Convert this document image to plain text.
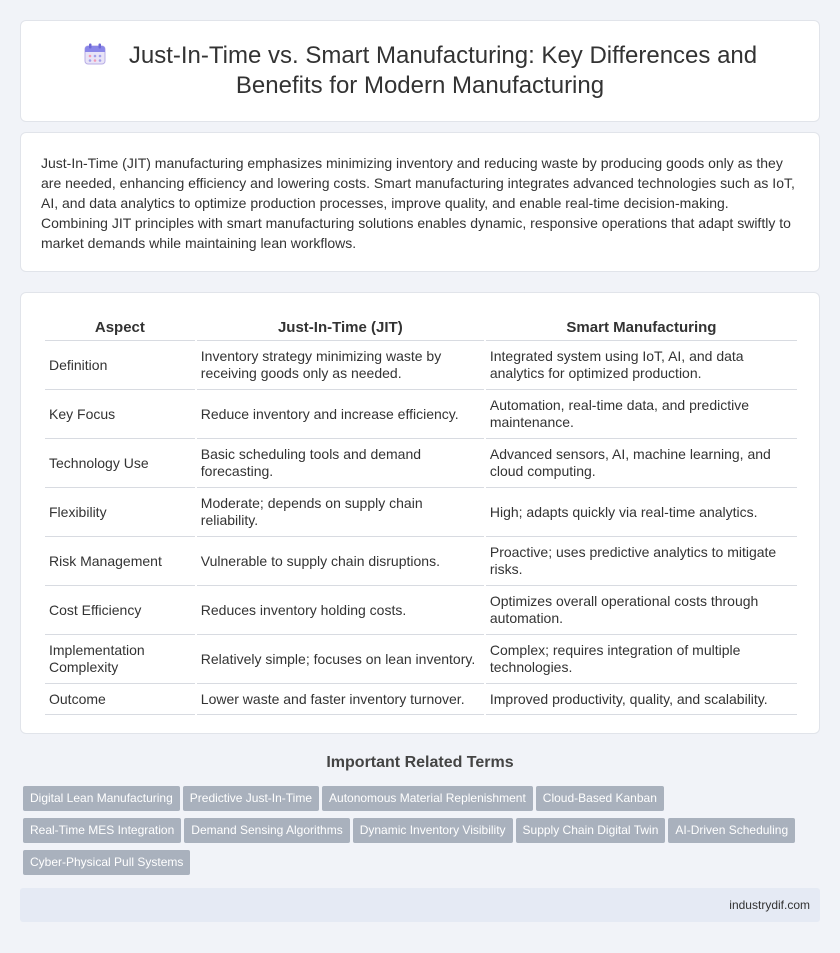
Just-In-Time vs. Smart Manufacturing: Key Differences and Benefits for Modern Manufacturing

Just-In-Time (JIT) manufacturing emphasizes minimizing inventory and reducing waste by producing goods only as they are needed, enhancing efficiency and lowering costs. Smart manufacturing integrates advanced technologies such as IoT, AI, and data analytics to optimize production processes, improve quality, and enable real-time decision-making. Combining JIT principles with smart manufacturing solutions enables dynamic, responsive operations that adapt swiftly to market demands while maintaining lean workflows.

Aspect	Just-In-Time (JIT)	Smart Manufacturing
Definition	Inventory strategy minimizing waste by receiving goods only as needed.	Integrated system using IoT, AI, and data analytics for optimized production.
Key Focus	Reduce inventory and increase efficiency.	Automation, real-time data, and predictive maintenance.
Technology Use	Basic scheduling tools and demand forecasting.	Advanced sensors, AI, machine learning, and cloud computing.
Flexibility	Moderate; depends on supply chain reliability.	High; adapts quickly via real-time analytics.
Risk Management	Vulnerable to supply chain disruptions.	Proactive; uses predictive analytics to mitigate risks.
Cost Efficiency	Reduces inventory holding costs.	Optimizes overall operational costs through automation.
Implementation Complexity	Relatively simple; focuses on lean inventory.	Complex; requires integration of multiple technologies.
Outcome	Lower waste and faster inventory turnover.	Improved productivity, quality, and scalability.
Important Related Terms
Digital Lean Manufacturing Predictive Just-In-Time Autonomous Material Replenishment Cloud-Based Kanban
Real-Time MES Integration Demand Sensing Algorithms Dynamic Inventory Visibility Supply Chain Digital Twin AI-Driven Scheduling
Cyber-Physical Pull Systems
industrydif.com
